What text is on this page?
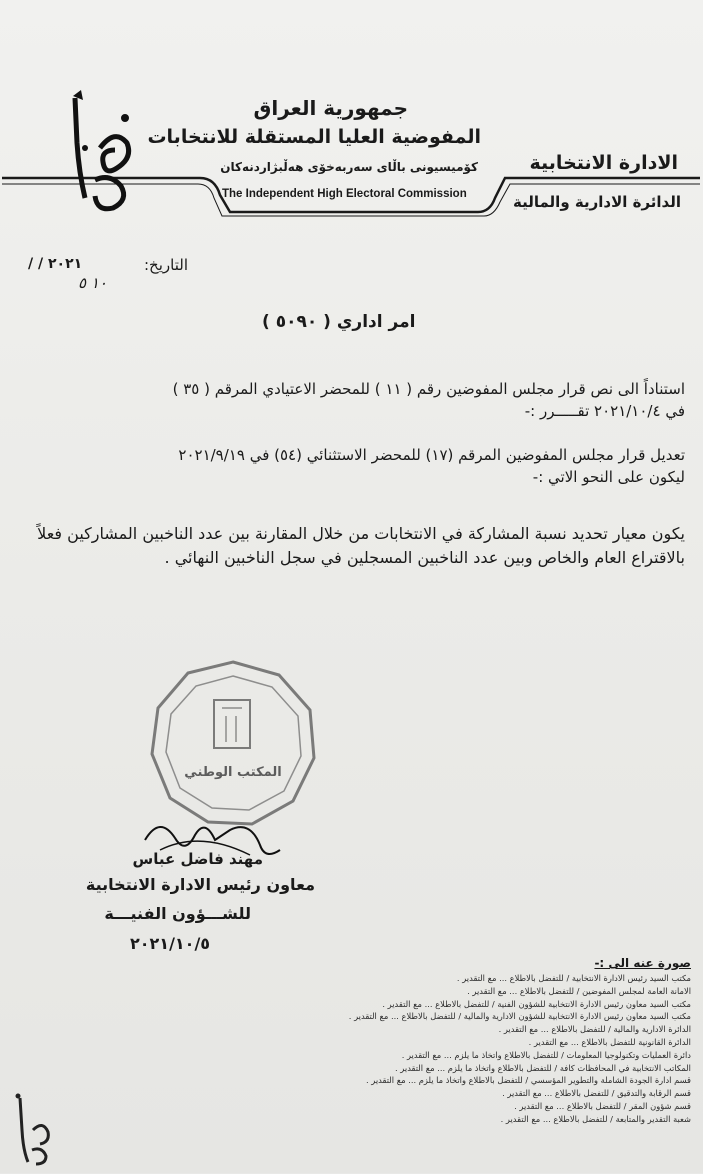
جمهورية العراق
المفوضية العليا المستقلة للانتخابات
كۆمیسیونی باڵای سەربەخۆی هەڵبژاردنەکان
The Independent High Electoral Commission
الادارة الانتخابية
الدائرة الادارية والمالية
التاريخ:
/ / ٢٠٢١
١٠ ٥
امر اداري ( ٥٠٩٠ )
استناداً الى نص قرار مجلس المفوضين رقم ( ١١ ) للمحضر الاعتيادي المرقم ( ٣٥ )
في ٢٠٢١/١٠/٤ تقـــــرر :-
تعديل قرار مجلس المفوضين المرقم (١٧) للمحضر الاستثنائي (٥٤) في ٢٠٢١/٩/١٩
ليكون على النحو الاتي :-
يكون معيار تحديد نسبة المشاركة في الانتخابات من خلال المقارنة بين عدد الناخبين المشاركين فعلاً
بالاقتراع العام والخاص وبين عدد الناخبين المسجلين في سجل الناخبين النهائي .
المكتب الوطني
مهند فاضل عباس
معاون رئيس الادارة الانتخابية
للشـــؤون الفنيـــة
٢٠٢١/١٠/٥
صورة عنه الى :-
مكتب السيد رئيس الادارة الانتخابية / للتفضل بالاطلاع ... مع التقدير .
الامانة العامة لمجلس المفوضين / للتفضل بالاطلاع ... مع التقدير .
مكتب السيد معاون رئيس الادارة الانتخابية للشؤون الفنية / للتفضل بالاطلاع ... مع التقدير .
مكتب السيد معاون رئيس الادارة الانتخابية للشؤون الادارية والمالية / للتفضل بالاطلاع ... مع التقدير .
الدائرة الادارية والمالية / للتفضل بالاطلاع ... مع التقدير .
الدائرة القانونية للتفضل بالاطلاع ... مع التقدير .
دائرة العمليات وتكنولوجيا المعلومات / للتفضل بالاطلاع واتخاذ ما يلزم ... مع التقدير .
المكاتب الانتخابية في المحافظات كافة / للتفضل بالاطلاع واتخاذ ما يلزم ... مع التقدير .
قسم ادارة الجودة الشاملة والتطوير المؤسسي / للتفضل بالاطلاع واتخاذ ما يلزم ... مع التقدير .
قسم الرقابة والتدقيق / للتفضل بالاطلاع ... مع التقدير .
قسم شؤون المقر / للتفضل بالاطلاع ... مع التقدير .
شعبة التقدير والمتابعة / للتفضل بالاطلاع ... مع التقدير .
